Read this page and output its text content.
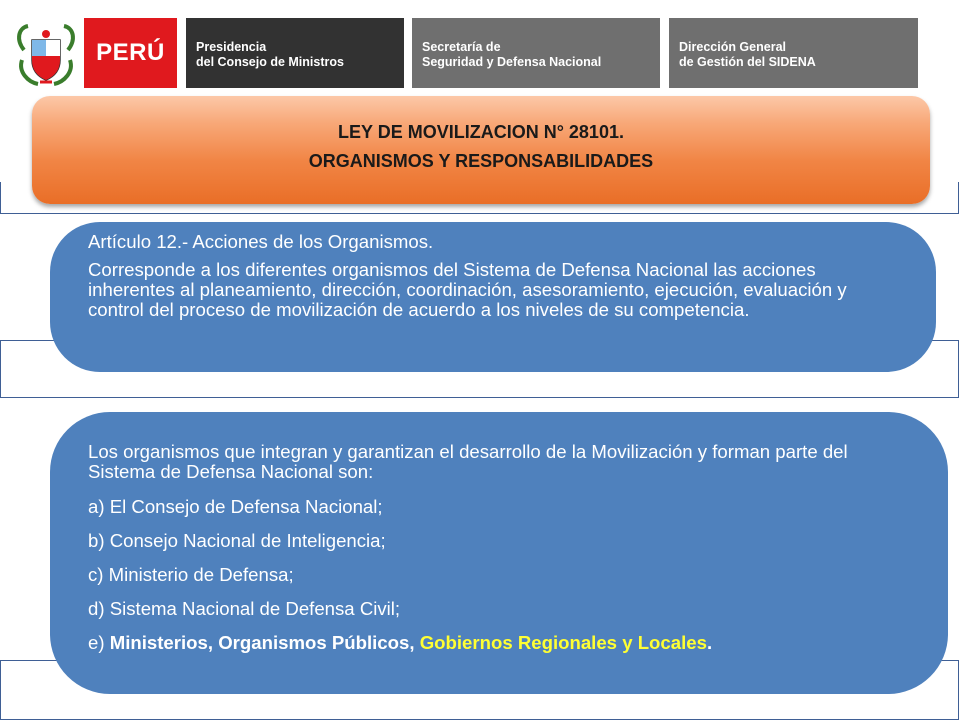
PERÚ	Presidencia
del Consejo de Ministros
Secretaría de
Seguridad y Defensa Nacional
Dirección General
de Gestión del SIDENA
LEY DE MOVILIZACION N° 28101.
ORGANISMOS Y RESPONSABILIDADES
Artículo 12.- Acciones de los Organismos.
Corresponde a los diferentes organismos del Sistema de Defensa Nacional las acciones inherentes al planeamiento, dirección, coordinación, asesoramiento, ejecución, evaluación y control del proceso de movilización de acuerdo a los niveles de su competencia.
Los organismos que integran y garantizan el desarrollo de la Movilización y forman parte del Sistema de Defensa Nacional son:
a) El Consejo de Defensa Nacional;
b) Consejo Nacional de Inteligencia;
c) Ministerio de Defensa;
d) Sistema Nacional de Defensa Civil;
e) Ministerios, Organismos Públicos, Gobiernos Regionales y Locales.
